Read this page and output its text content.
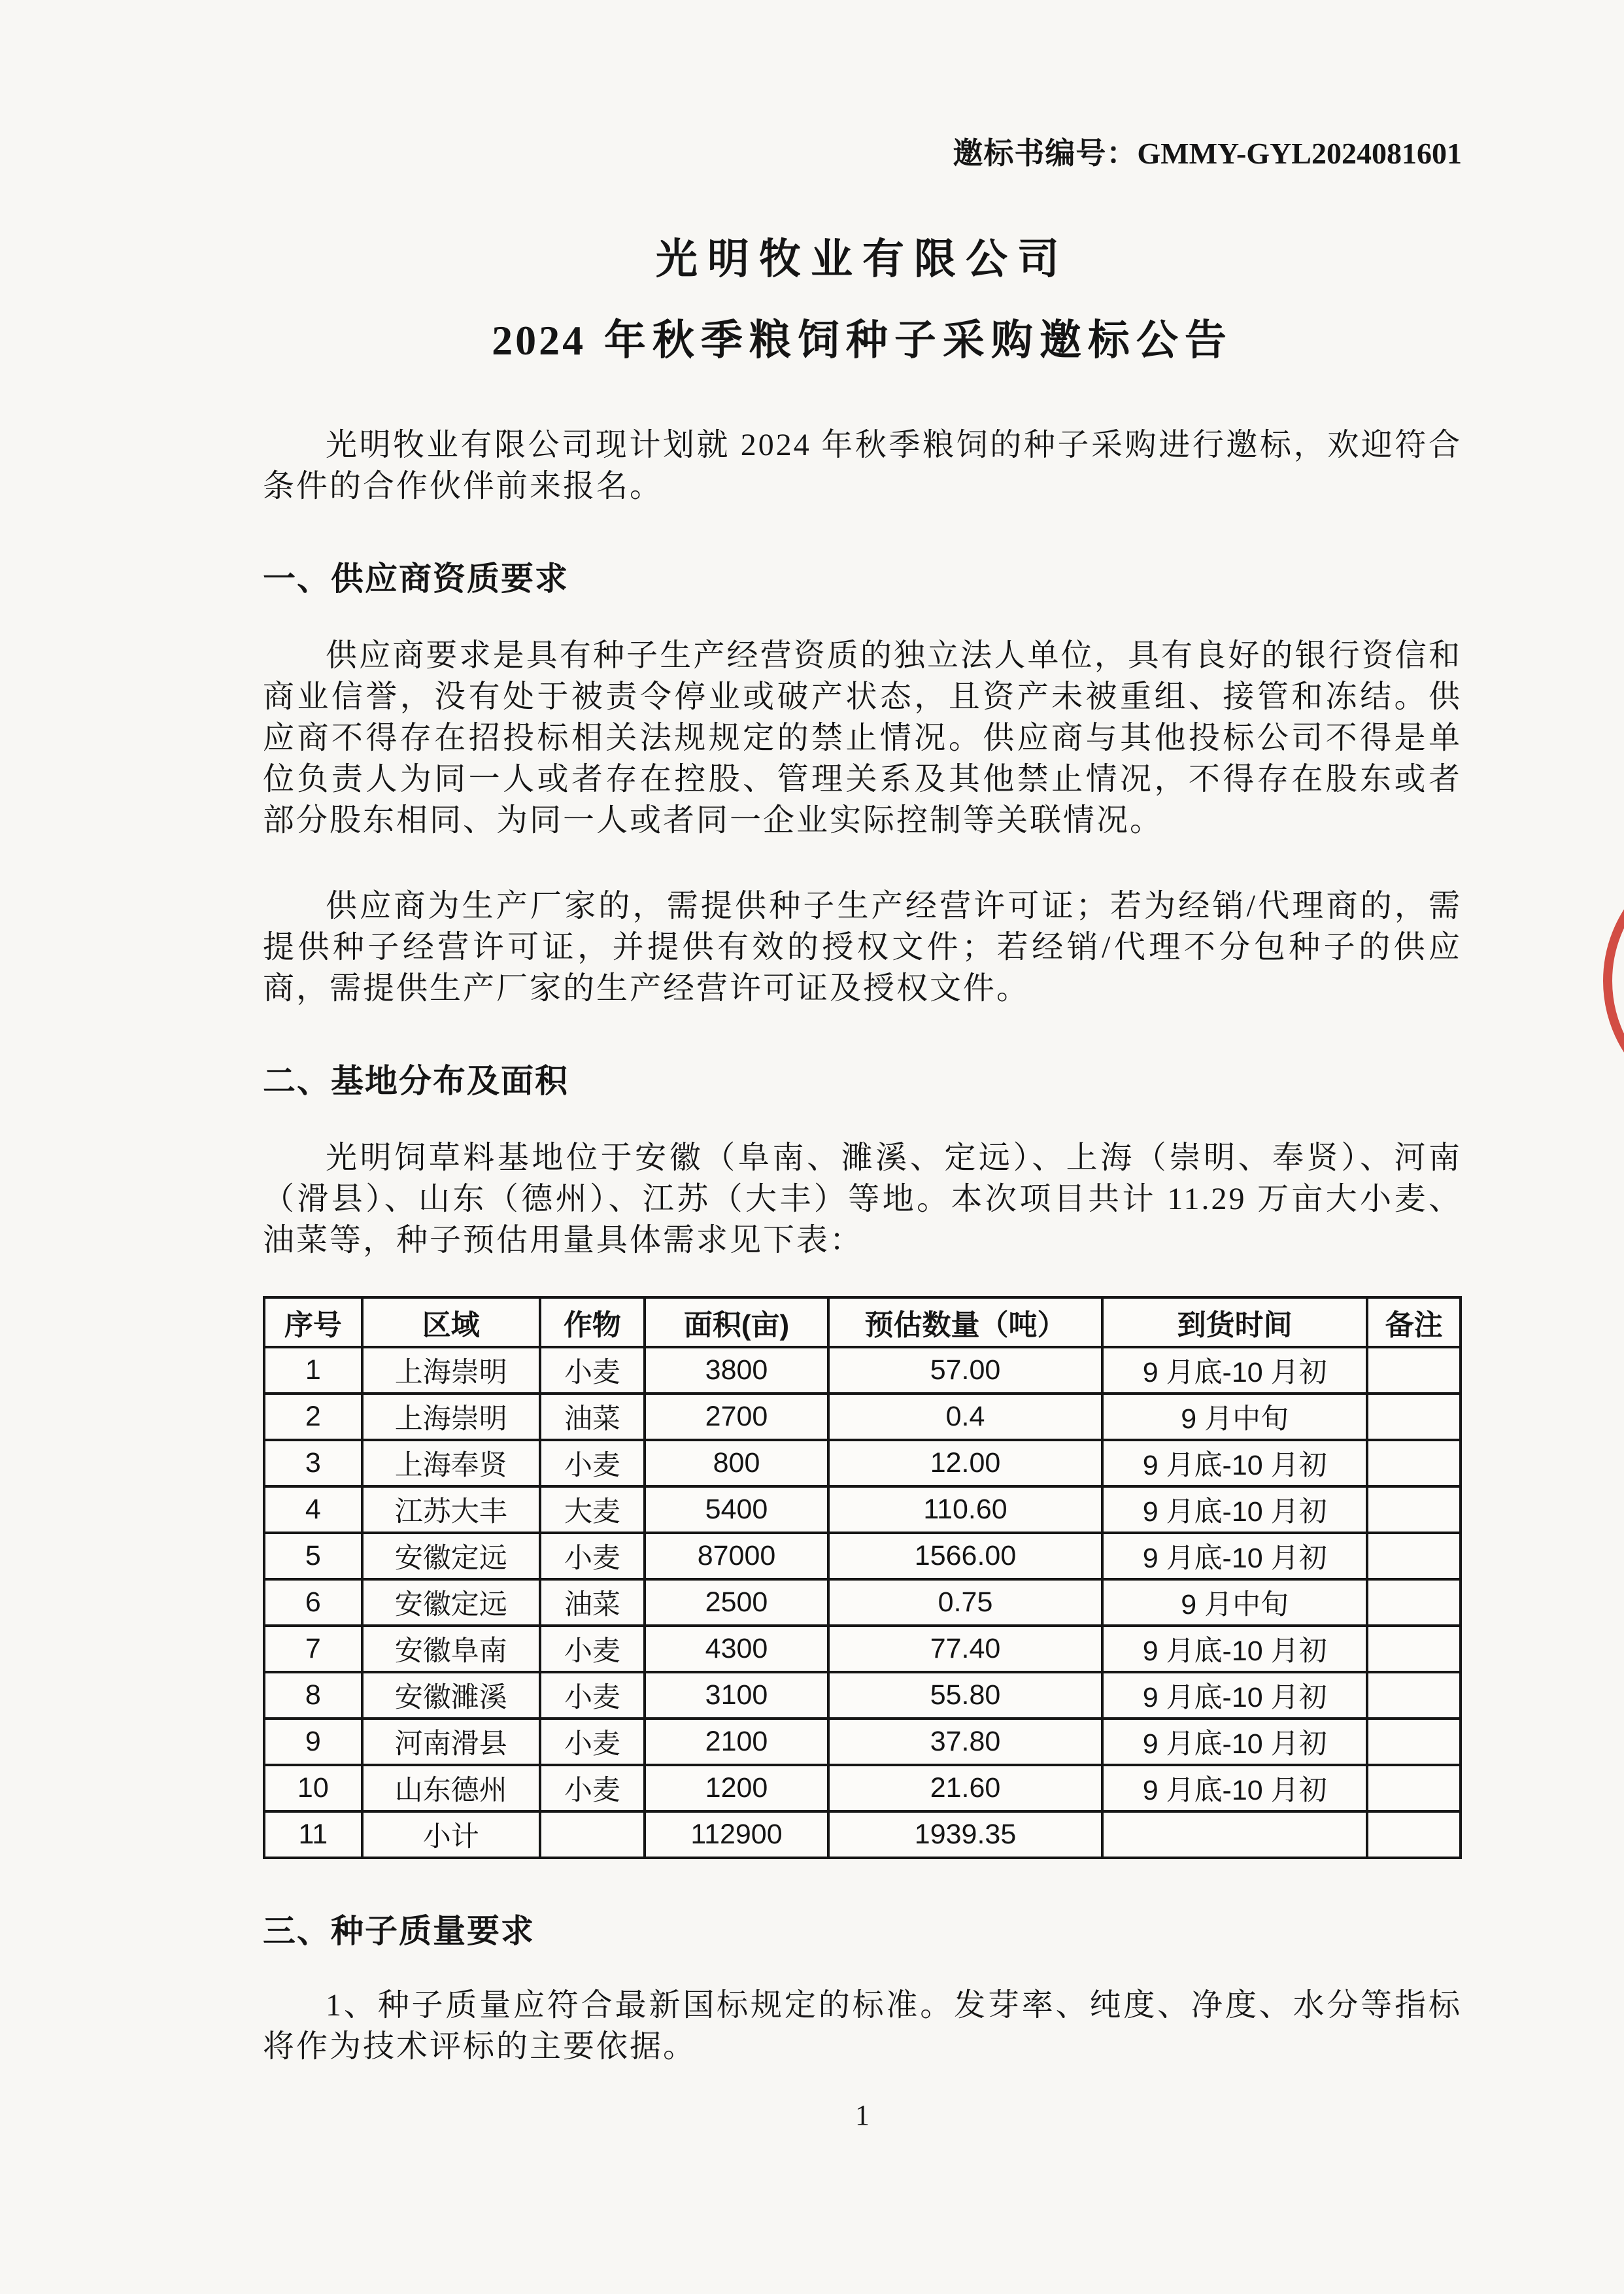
邀标书编号：GMMY-GYL2024081601
光明牧业有限公司
2024 年秋季粮饲种子采购邀标公告

光明牧业有限公司现计划就 2024 年秋季粮饲的种子采购进行邀标，欢迎符合条件的合作伙伴前来报名。

一、供应商资质要求

供应商要求是具有种子生产经营资质的独立法人单位，具有良好的银行资信和商业信誉，没有处于被责令停业或破产状态，且资产未被重组、接管和冻结。供应商不得存在招投标相关法规规定的禁止情况。供应商与其他投标公司不得是单位负责人为同一人或者存在控股、管理关系及其他禁止情况，不得存在股东或者部分股东相同、为同一人或者同一企业实际控制等关联情况。

供应商为生产厂家的，需提供种子生产经营许可证；若为经销/代理商的，需提供种子经营许可证，并提供有效的授权文件；若经销/代理不分包种子的供应商，需提供生产厂家的生产经营许可证及授权文件。

二、基地分布及面积

光明饲草料基地位于安徽（阜南、濉溪、定远）、上海（崇明、奉贤）、河南（滑县）、山东（德州）、江苏（大丰）等地。本次项目共计 11.29 万亩大小麦、油菜等，种子预估用量具体需求见下表：

序号	区域	作物	面积(亩)	预估数量（吨）	到货时间	备注
1	上海崇明	小麦	3800	57.00	9 月底-10 月初	
2	上海崇明	油菜	2700	0.4	9 月中旬	
3	上海奉贤	小麦	800	12.00	9 月底-10 月初	
4	江苏大丰	大麦	5400	110.60	9 月底-10 月初	
5	安徽定远	小麦	87000	1566.00	9 月底-10 月初	
6	安徽定远	油菜	2500	0.75	9 月中旬	
7	安徽阜南	小麦	4300	77.40	9 月底-10 月初	
8	安徽濉溪	小麦	3100	55.80	9 月底-10 月初	
9	河南滑县	小麦	2100	37.80	9 月底-10 月初	
10	山东德州	小麦	1200	21.60	9 月底-10 月初	
11	小计		112900	1939.35		
三、种子质量要求

1、种子质量应符合最新国标规定的标准。发芽率、纯度、净度、水分等指标将作为技术评标的主要依据。

1
